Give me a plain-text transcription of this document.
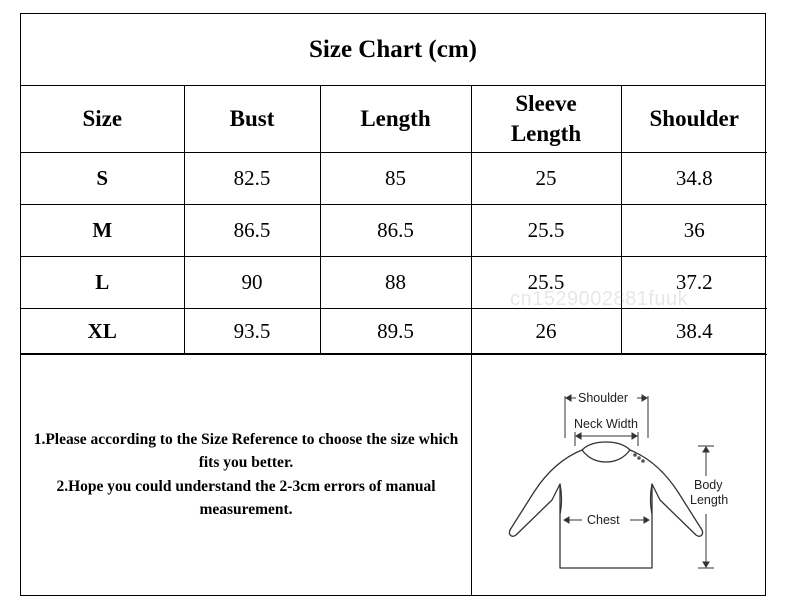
Size Chart (cm)
Size	Bust	Length	Sleeve Length	Shoulder
S	82.5	85	25	34.8
M	86.5	86.5	25.5	36
L	90	88	25.5	37.2
XL	93.5	89.5	26	38.4

1.Please according to the Size Reference to choose the size which fits you better.

2.Hope you could understand the 2-3cm errors of manual measurement.

Shoulder
Neck Width
Chest
Body
Length
cn1529002881fuuk
